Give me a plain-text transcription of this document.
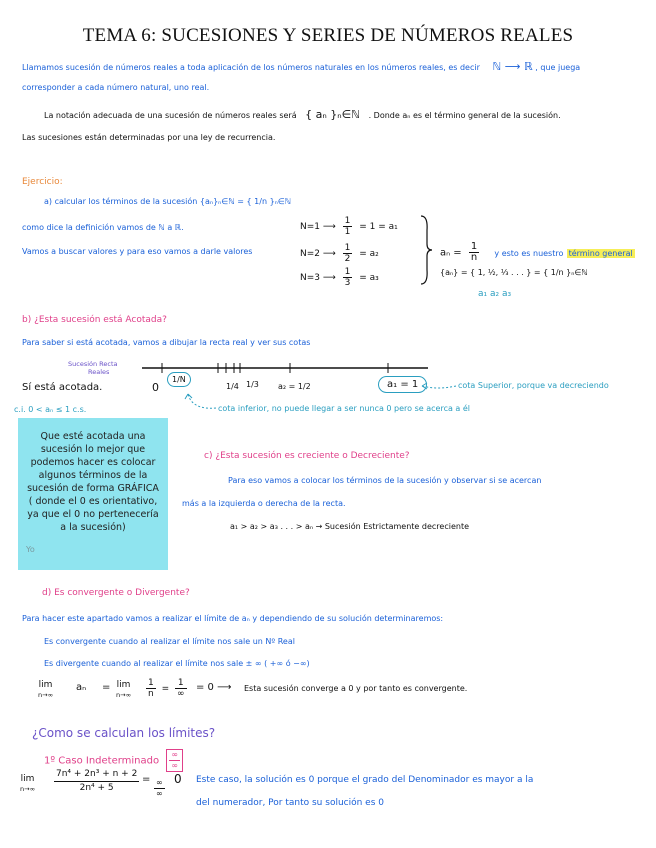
TEMA 6: SUCESIONES Y SERIES DE NÚMEROS REALES
Llamamos sucesión de números reales a toda aplicación de los números naturales en los números reales, es decir ℕ ⟶ ℝ , que juega
corresponder a cada número natural, uno real.
La notación adecuada de una sucesión de números reales será { aₙ }ₙ∈ℕ . Donde aₙ es el término general de la sucesión.
Las sucesiones están determinadas por una ley de recurrencia.
Ejercicio:
a) calcular los términos de la sucesión {aₙ}ₙ∈ℕ = { 1/n }ₙ∈ℕ
como dice la definición vamos de ℕ a ℝ.
Vamos a buscar valores y para eso vamos a darle valores
N=1 ⟶ $\frac{1}{1} = 1 = a_1$
N=2 ⟶ $\frac{1}{2} = a_2$
N=3 ⟶ $\frac{1}{3} = a_3$
$a_n = \frac{1}{n}$ y esto es nuestro término general
{aₙ} = { 1, ½, ⅓ . . . } = { 1/n }ₙ∈ℕ
a₁ a₂ a₃
b) ¿Esta sucesión está Acotada?
Para saber si está acotada, vamos a dibujar la recta real y ver sus cotas
Sucesión Recta
Reales
Sí está acotada.	0
1/N
1/4 1/3 a₂ = 1/2	a₁ = 1	cota Superior, porque va decreciendo
cota inferior, no puede llegar a ser nunca 0 pero se acerca a él
c.i. 0 < aₙ ≤ 1 c.s.
Que esté acotada una sucesión lo mejor que podemos hacer es colocar algunos términos de la sucesión de forma GRÁFICA ( donde el 0 es orientativo, ya que el 0 no pertenecería a la sucesión)
Yo
c) ¿Esta sucesión es creciente o Decreciente?
Para eso vamos a colocar los términos de la sucesión y observar si se acercan
más a la izquierda o derecha de la recta.
a₁ > a₂ > a₃ . . . > aₙ → Sucesión Estrictamente decreciente
d) Es convergente o Divergente?
Para hacer este apartado vamos a realizar el límite de aₙ y dependiendo de su solución determinaremos:
Es convergente cuando al realizar el límite nos sale un Nº Real
Es divergente cuando al realizar el límite nos sale ± ∞ ( +∞ ó −∞)
lim
n→∞
aₙ = lim
$n\to\infty \frac{1}{n} = \frac{1}{\infty} = 0$ ⟶ Esta sucesión converge a 0 y por tanto es convergente.
¿Como se calculan los límites?
1º Caso Indeterminado $\frac{\infty}{\infty}$
lim
$n\to\infty \frac{\text{7n⁴ + 2n³ + n + 2}}{\text{2n⁴ + 5}} = \frac{\infty}{\infty} 0$ Este caso, la solución es 0 porque el grado del Denominador es mayor a la
del numerador, Por tanto su solución es 0
